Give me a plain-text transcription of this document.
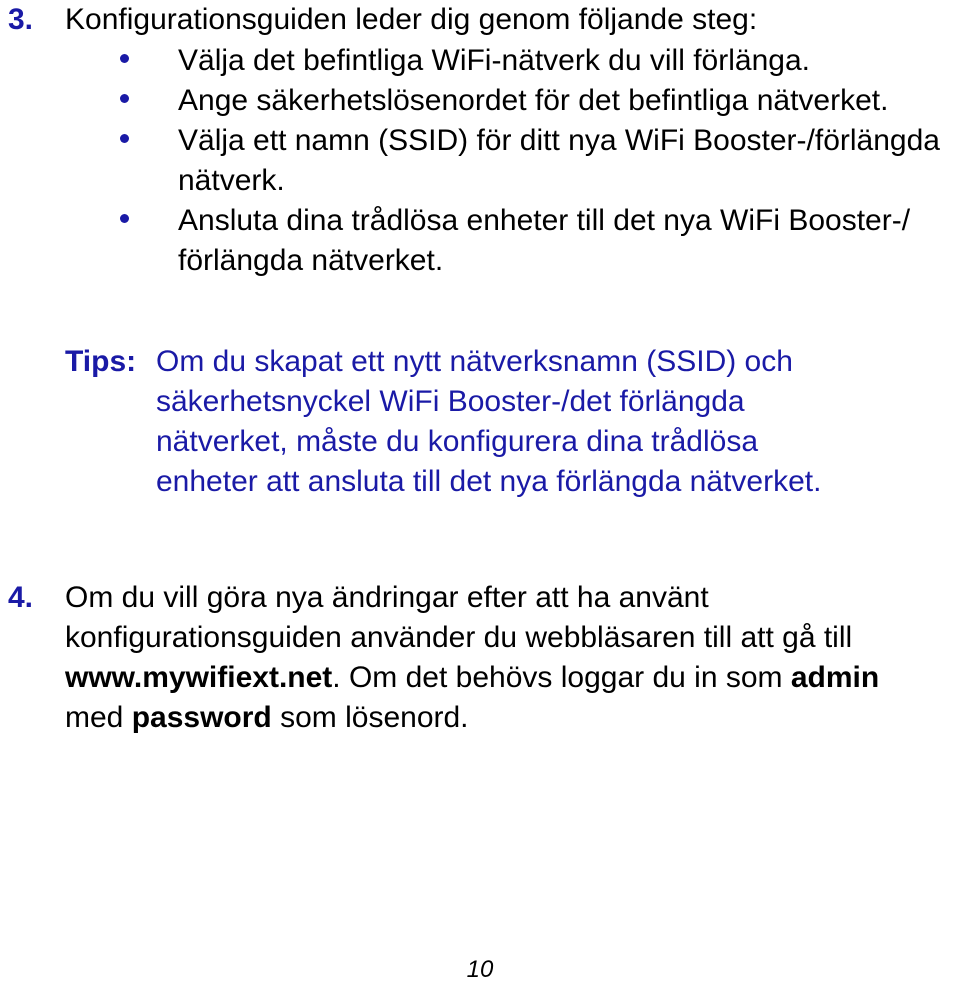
3. Konfigurationsguiden leder dig genom följande steg:
Välja det befintliga WiFi-nätverk du vill förlänga.
Ange säkerhetslösenordet för det befintliga nätverket.
Välja ett namn (SSID) för ditt nya WiFi Booster-/förlängda nätverk.
Ansluta dina trådlösa enheter till det nya WiFi Booster-/ förlängda nätverket.
Tips: Om du skapat ett nytt nätverksnamn (SSID) och säkerhetsnyckel WiFi Booster-/det förlängda nätverket, måste du konfigurera dina trådlösa enheter att ansluta till det nya förlängda nätverket.
4. Om du vill göra nya ändringar efter att ha använt
konfigurationsguiden använder du webbläsaren till att gå till
www.mywifiext.net. Om det behövs loggar du in som admin
med password som lösenord.
10
